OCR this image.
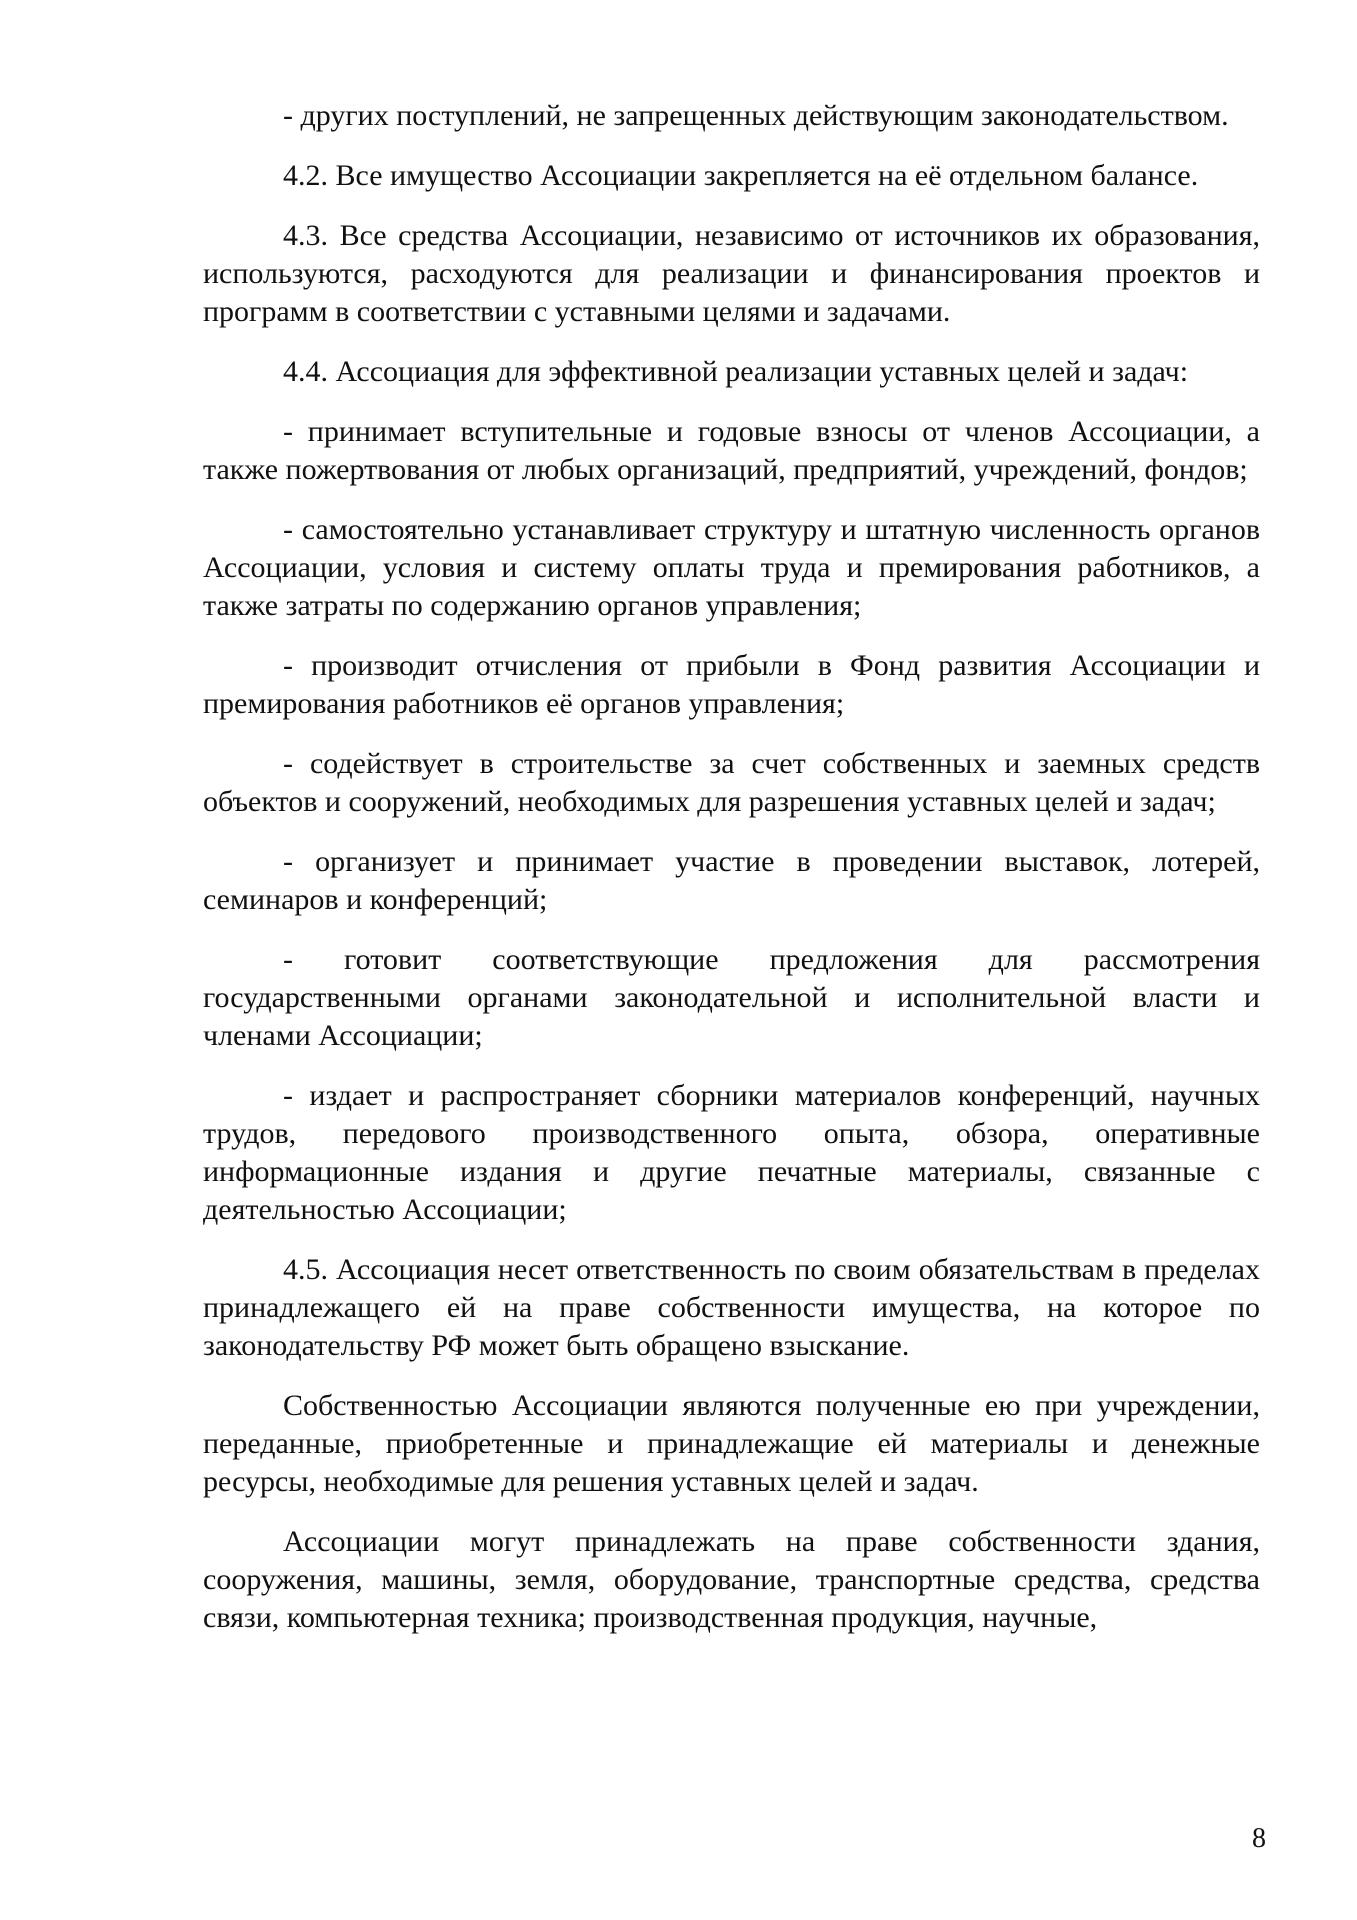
- других поступлений, не запрещенных действующим законодательством.

4.2. Все имущество Ассоциации закрепляется на её отдельном балансе.

4.3. Все средства Ассоциации, независимо от источников их образования, используются, расходуются для реализации и финансирования проектов и программ в соответствии с уставными целями и задачами.

4.4. Ассоциация для эффективной реализации уставных целей и задач:

- принимает вступительные и годовые взносы от членов Ассоциации, а также пожертвования от любых организаций, предприятий, учреждений, фондов;

- самостоятельно устанавливает структуру и штатную численность органов Ассоциации, условия и систему оплаты труда и премирования работников, а также затраты по содержанию органов управления;

- производит отчисления от прибыли в Фонд развития Ассоциации и премирования работников её органов управления;

- содействует в строительстве за счет собственных и заемных средств объектов и сооружений, необходимых для разрешения уставных целей и задач;

- организует и принимает участие в проведении выставок, лотерей, семинаров и конференций;

- готовит соответствующие предложения для рассмотрения государственными органами законодательной и исполнительной власти и членами Ассоциации;

- издает и распространяет сборники материалов конференций, научных трудов, передового производственного опыта, обзора, оперативные информационные издания и другие печатные материалы, связанные с деятельностью Ассоциации;

4.5. Ассоциация несет ответственность по своим обязательствам в пределах принадлежащего ей на праве собственности имущества, на которое по законодательству РФ может быть обращено взыскание.

Собственностью Ассоциации являются полученные ею при учреждении, переданные, приобретенные и принадлежащие ей материалы и денежные ресурсы, необходимые для решения уставных целей и задач.

Ассоциации могут принадлежать на праве собственности здания, сооружения, машины, земля, оборудование, транспортные средства, средства связи, компьютерная техника; производственная продукция, научные,

8
